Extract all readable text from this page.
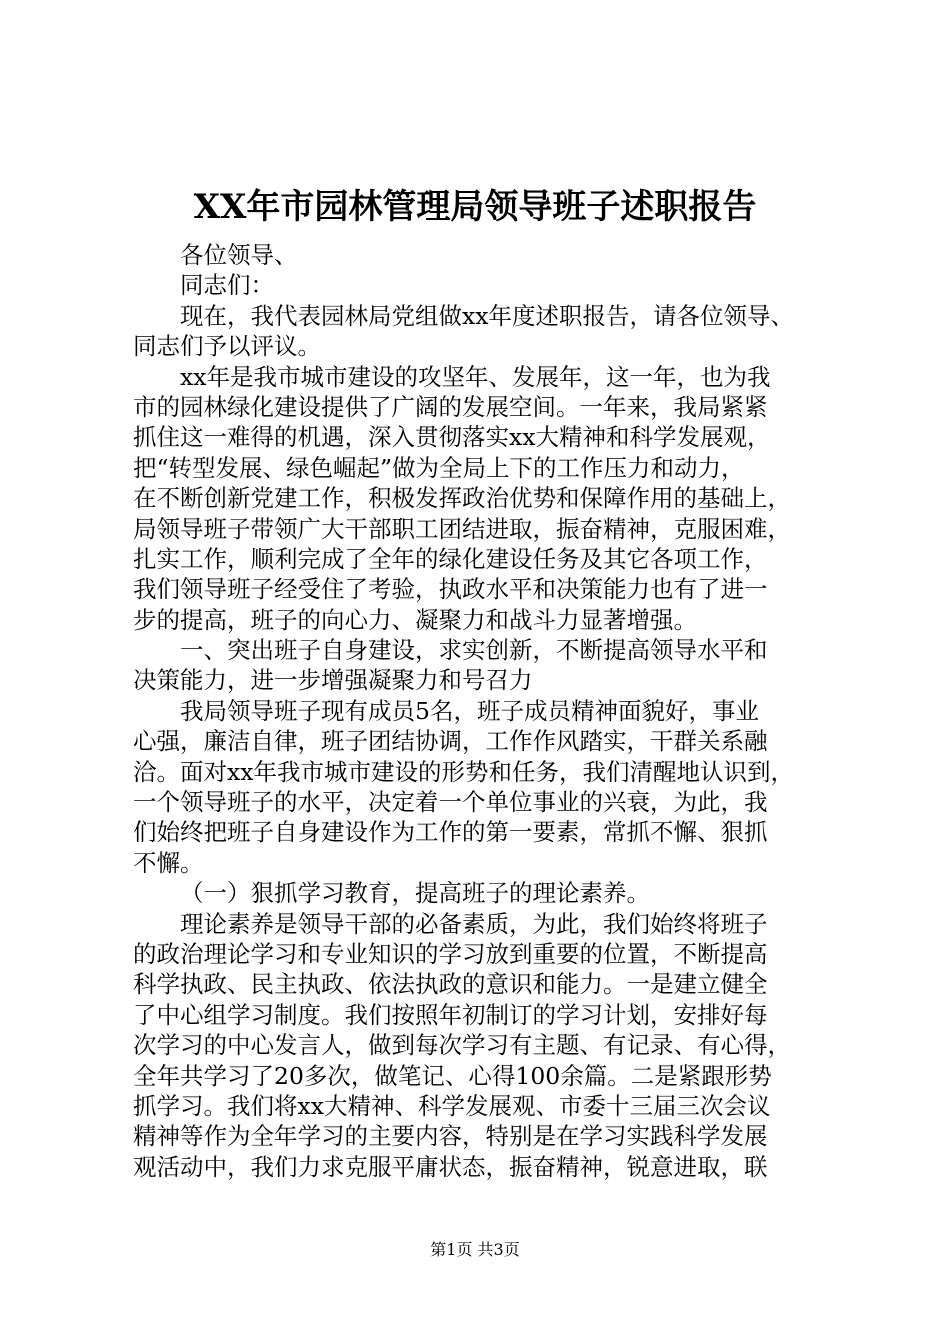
XX年市园林管理局领导班子述职报告
各位领导、
同志们：
现在，我代表园林局党组做xx年度述职报告，请各位领导、
同志们予以评议。
xx年是我市城市建设的攻坚年、发展年，这一年，也为我
市的园林绿化建设提供了广阔的发展空间。一年来，我局紧紧
抓住这一难得的机遇，深入贯彻落实xx大精神和科学发展观，
把“转型发展、绿色崛起”做为全局上下的工作压力和动力，
在不断创新党建工作，积极发挥政治优势和保障作用的基础上，
局领导班子带领广大干部职工团结进取，振奋精神，克服困难，
扎实工作，顺利完成了全年的绿化建设任务及其它各项工作，
我们领导班子经受住了考验，执政水平和决策能力也有了进一
步的提高，班子的向心力、凝聚力和战斗力显著增强。
一、突出班子自身建设，求实创新，不断提高领导水平和
决策能力，进一步增强凝聚力和号召力
我局领导班子现有成员5名，班子成员精神面貌好，事业
心强，廉洁自律，班子团结协调，工作作风踏实，干群关系融
洽。面对xx年我市城市建设的形势和任务，我们清醒地认识到，
一个领导班子的水平，决定着一个单位事业的兴衰，为此，我
们始终把班子自身建设作为工作的第一要素，常抓不懈、狠抓
不懈。
（一）狠抓学习教育，提高班子的理论素养。
理论素养是领导干部的必备素质，为此，我们始终将班子
的政治理论学习和专业知识的学习放到重要的位置，不断提高
科学执政、民主执政、依法执政的意识和能力。一是建立健全
了中心组学习制度。我们按照年初制订的学习计划，安排好每
次学习的中心发言人，做到每次学习有主题、有记录、有心得，
全年共学习了20多次，做笔记、心得100余篇。二是紧跟形势
抓学习。我们将xx大精神、科学发展观、市委十三届三次会议
精神等作为全年学习的主要内容，特别是在学习实践科学发展
观活动中，我们力求克服平庸状态，振奋精神，锐意进取，联
第1页 共3页
